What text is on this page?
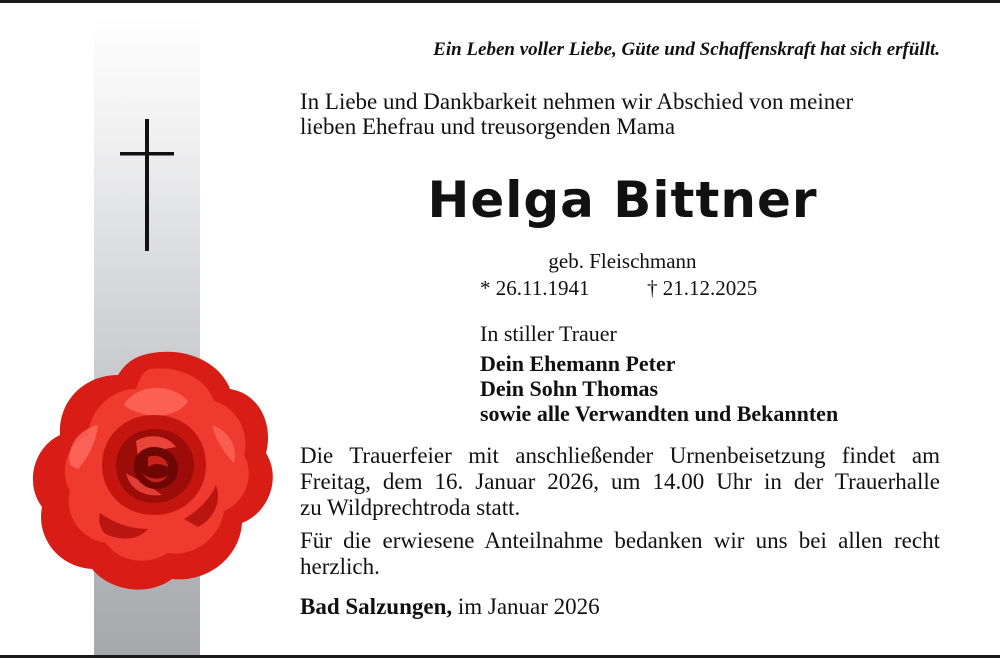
Ein Leben voller Liebe, Güte und Schaffenskraft hat sich erfüllt.
In Liebe und Dankbarkeit nehmen wir Abschied von meiner
lieben Ehefrau und treusorgenden Mama
Helga Bittner
geb. Fleischmann
* 26.11.1941	† 21.12.2025
In stiller Trauer
Dein Ehemann Peter
Dein Sohn Thomas
sowie alle Verwandten und Bekannten
Die Trauerfeier mit anschließender Urnenbeisetzung findet am
Freitag, dem 16. Januar 2026, um 14.00 Uhr in der Trauerhalle
zu Wildprechtroda statt.
Für die erwiesene Anteilnahme bedanken wir uns bei allen recht
herzlich.
Bad Salzungen, im Januar 2026
